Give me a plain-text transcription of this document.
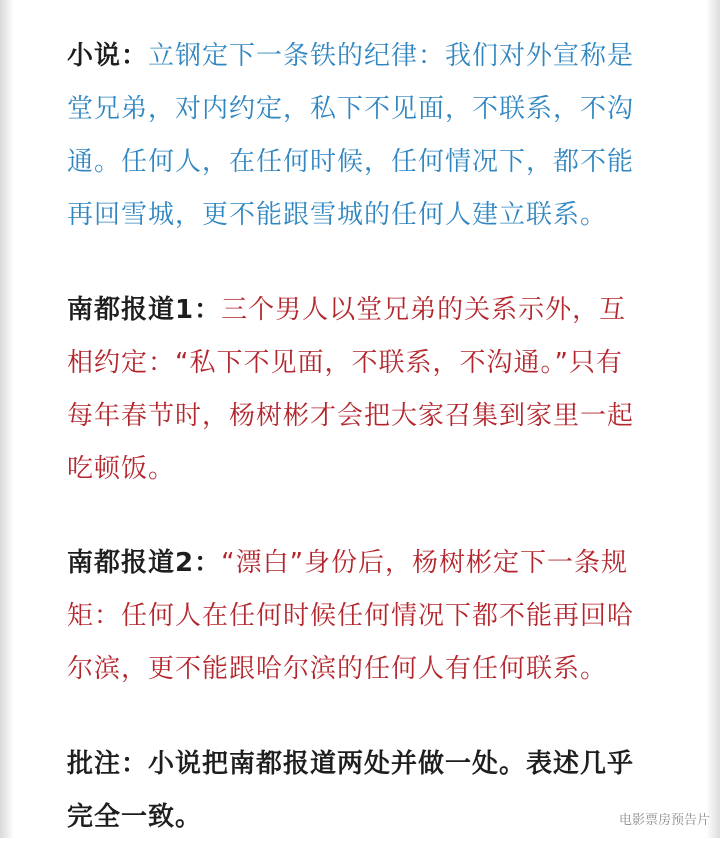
小说：立钢定下一条铁的纪律：我们对外宣称是堂兄弟，对内约定，私下不见面，不联系，不沟通。任何人，在任何时候，任何情况下，都不能再回雪城，更不能跟雪城的任何人建立联系。

南都报道1：三个男人以堂兄弟的关系示外，互相约定：“私下不见面，不联系，不沟通。”只有每年春节时，杨树彬才会把大家召集到家里一起吃顿饭。

南都报道2：“漂白”身份后，杨树彬定下一条规矩：任何人在任何时候任何情况下都不能再回哈尔滨，更不能跟哈尔滨的任何人有任何联系。

批注：小说把南都报道两处并做一处。表述几乎完全一致。	电影票房预告片
